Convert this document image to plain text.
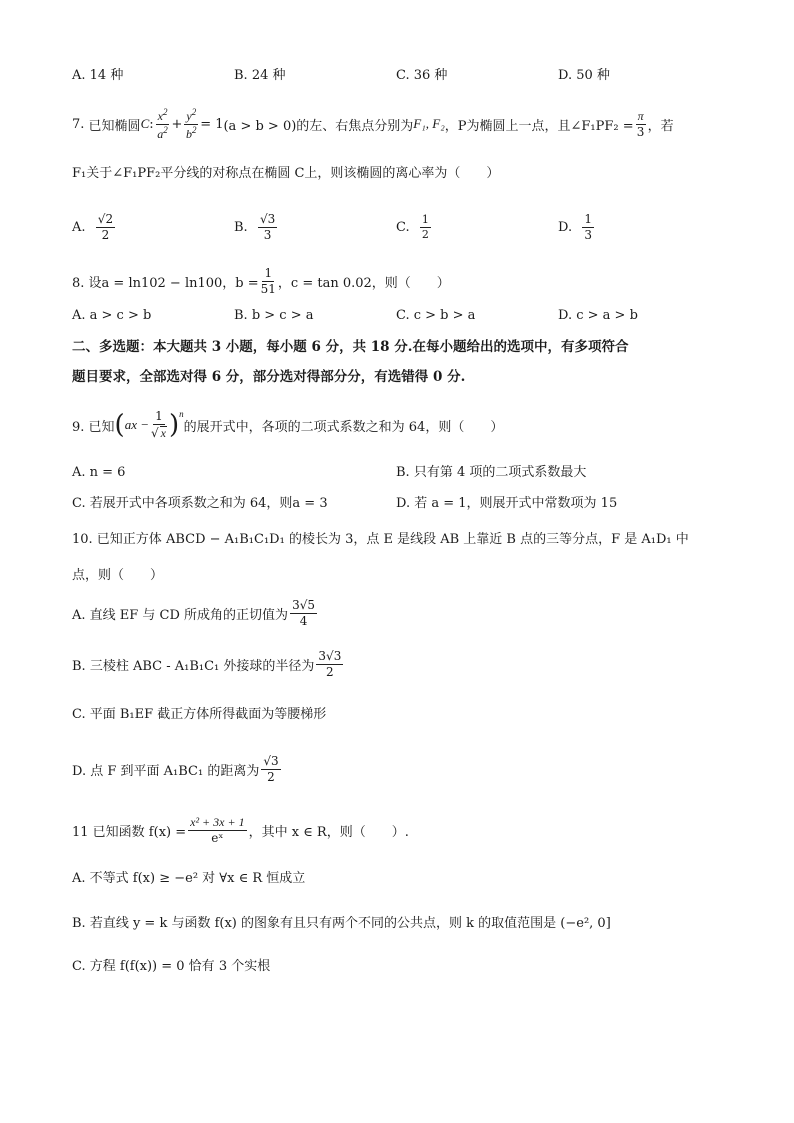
A. 14 种	B. 24 种	C. 36 种	D. 50 种
7.
已知椭圆 C :
$x^2$
$a^2$ +
$y^2$
$b^2 = 1$ (a > b > 0)的左、右焦点分别为 F₁, F₂ ，P为椭圆上一点，且∠F₁PF₂ = $\frac{\pi}{3}$ ，若
F₁关于∠F₁PF₂平分线的对称点在椭圆 C上，则该椭圆的离心率为（　　）
A.

√2
2	B.

√3
3	C.

1
2	D.

1
3
8. 设a = ln102 − ln100，$b = \frac{1}{51}$ ，c = tan 0.02，则（　　）
A. a > c > b	B. b > c > a	C. c > b > a	D. c > a > b
二、多选题：本大题共 3 小题，每小题 6 分，共 18 分.在每小题给出的选项中，有多项符合
题目要求，全部选对得 6 分，部分选对得部分分，有选错得 0 分.
9. 已知 ( ax − $\frac{1}{√ x}$ ) n
的展开式中，各项的二项式系数之和为 64，则（　　）
A. n = 6	B. 只有第 4 项的二项式系数最大
C. 若展开式中各项系数之和为 64，则a = 3	D. 若 a = 1，则展开式中常数项为 15
10. 已知正方体 ABCD − A₁B₁C₁D₁ 的棱长为 3，点 E 是线段 AB 上靠近 B 点的三等分点，F 是 A₁D₁ 中
点，则（　　）
A. 直线 EF 与 CD 所成角的正切值为
3√5
4
B. 三棱柱 ABC - A₁B₁C₁ 外接球的半径为
3√3
2
C. 平面 B₁EF 截正方体所得截面为等腰梯形
D. 点 F 到平面 A₁BC₁ 的距离为
√3
2
11 已知函数 $f(x) = \frac{\text{x² + 3x + 1}}{\text{eˣ}}$ ，其中 x ∈ R，则（　　）.
A. 不等式 f(x) ≥ −e² 对 ∀x ∈ R 恒成立
B. 若直线 y = k 与函数 f(x) 的图象有且只有两个不同的公共点，则 k 的取值范围是 (−e², 0]
C. 方程 f(f(x)) = 0 恰有 3 个实根
